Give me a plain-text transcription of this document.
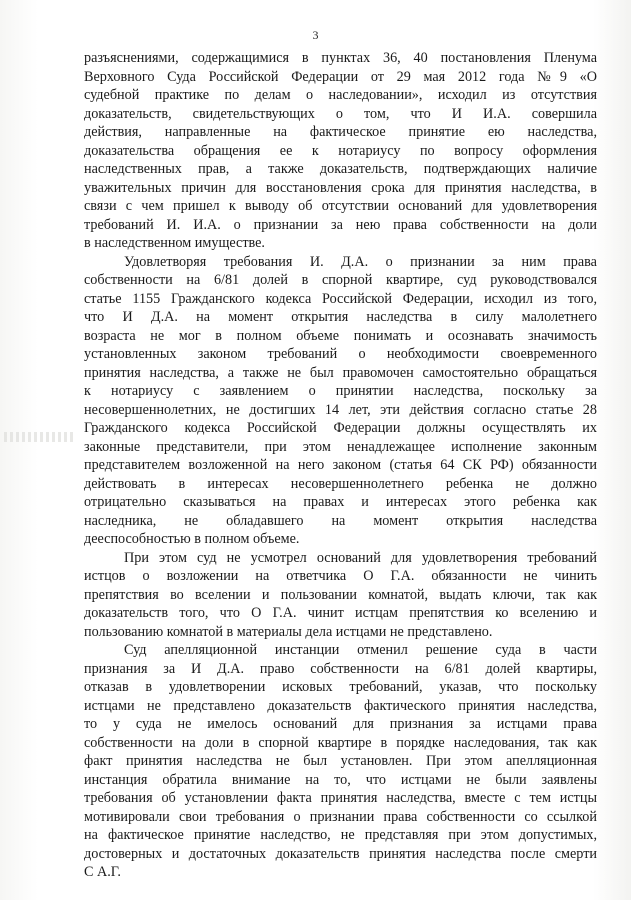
3
разъяснениями, содержащимися в пунктах 36, 40 постановления Пленума
Верховного Суда Российской Федерации от 29 мая 2012 года №9 «О
судебной практике по делам о наследовании», исходил из отсутствия
доказательств, свидетельствующих о том, что И И.А. совершила
действия, направленные на фактическое принятие ею наследства,
доказательства обращения ее к нотариусу по вопросу оформления
наследственных прав, а также доказательств, подтверждающих наличие
уважительных причин для восстановления срока для принятия наследства, в
связи с чем пришел к выводу об отсутствии оснований для удовлетворения
требований И. И.А. о признании за нею права собственности на доли
в наследственном имуществе.
Удовлетворяя требования И. Д.А. о признании за ним права
собственности на 6/81 долей в спорной квартире, суд руководствовался
статье 1155 Гражданского кодекса Российской Федерации, исходил из того,
что И Д.А. на момент открытия наследства в силу малолетнего
возраста не мог в полном объеме понимать и осознавать значимость
установленных законом требований о необходимости своевременного
принятия наследства, а также не был правомочен самостоятельно обращаться
к нотариусу с заявлением о принятии наследства, поскольку за
несовершеннолетних, не достигших 14 лет, эти действия согласно статье 28
Гражданского кодекса Российской Федерации должны осуществлять их
законные представители, при этом ненадлежащее исполнение законным
представителем возложенной на него законом (статья 64 СК РФ) обязанности
действовать в интересах несовершеннолетнего ребенка не должно
отрицательно сказываться на правах и интересах этого ребенка как
наследника, не обладавшего на момент открытия наследства
дееспособностью в полном объеме.
При этом суд не усмотрел оснований для удовлетворения требований
истцов о возложении на ответчика О Г.А. обязанности не чинить
препятствия во вселении и пользовании комнатой, выдать ключи, так как
доказательств того, что О Г.А. чинит истцам препятствия ко вселению и
пользованию комнатой в материалы дела истцами не представлено.
Суд апелляционной инстанции отменил решение суда в части
признания за И Д.А. право собственности на 6/81 долей квартиры,
отказав в удовлетворении исковых требований, указав, что поскольку
истцами не представлено доказательств фактического принятия наследства,
то у суда не имелось оснований для признания за истцами права
собственности на доли в спорной квартире в порядке наследования, так как
факт принятия наследства не был установлен. При этом апелляционная
инстанция обратила внимание на то, что истцами не были заявлены
требования об установлении факта принятия наследства, вместе с тем истцы
мотивировали свои требования о признании права собственности со ссылкой
на фактическое принятие наследство, не представляя при этом допустимых,
достоверных и достаточных доказательств принятия наследства после смерти
С А.Г.
